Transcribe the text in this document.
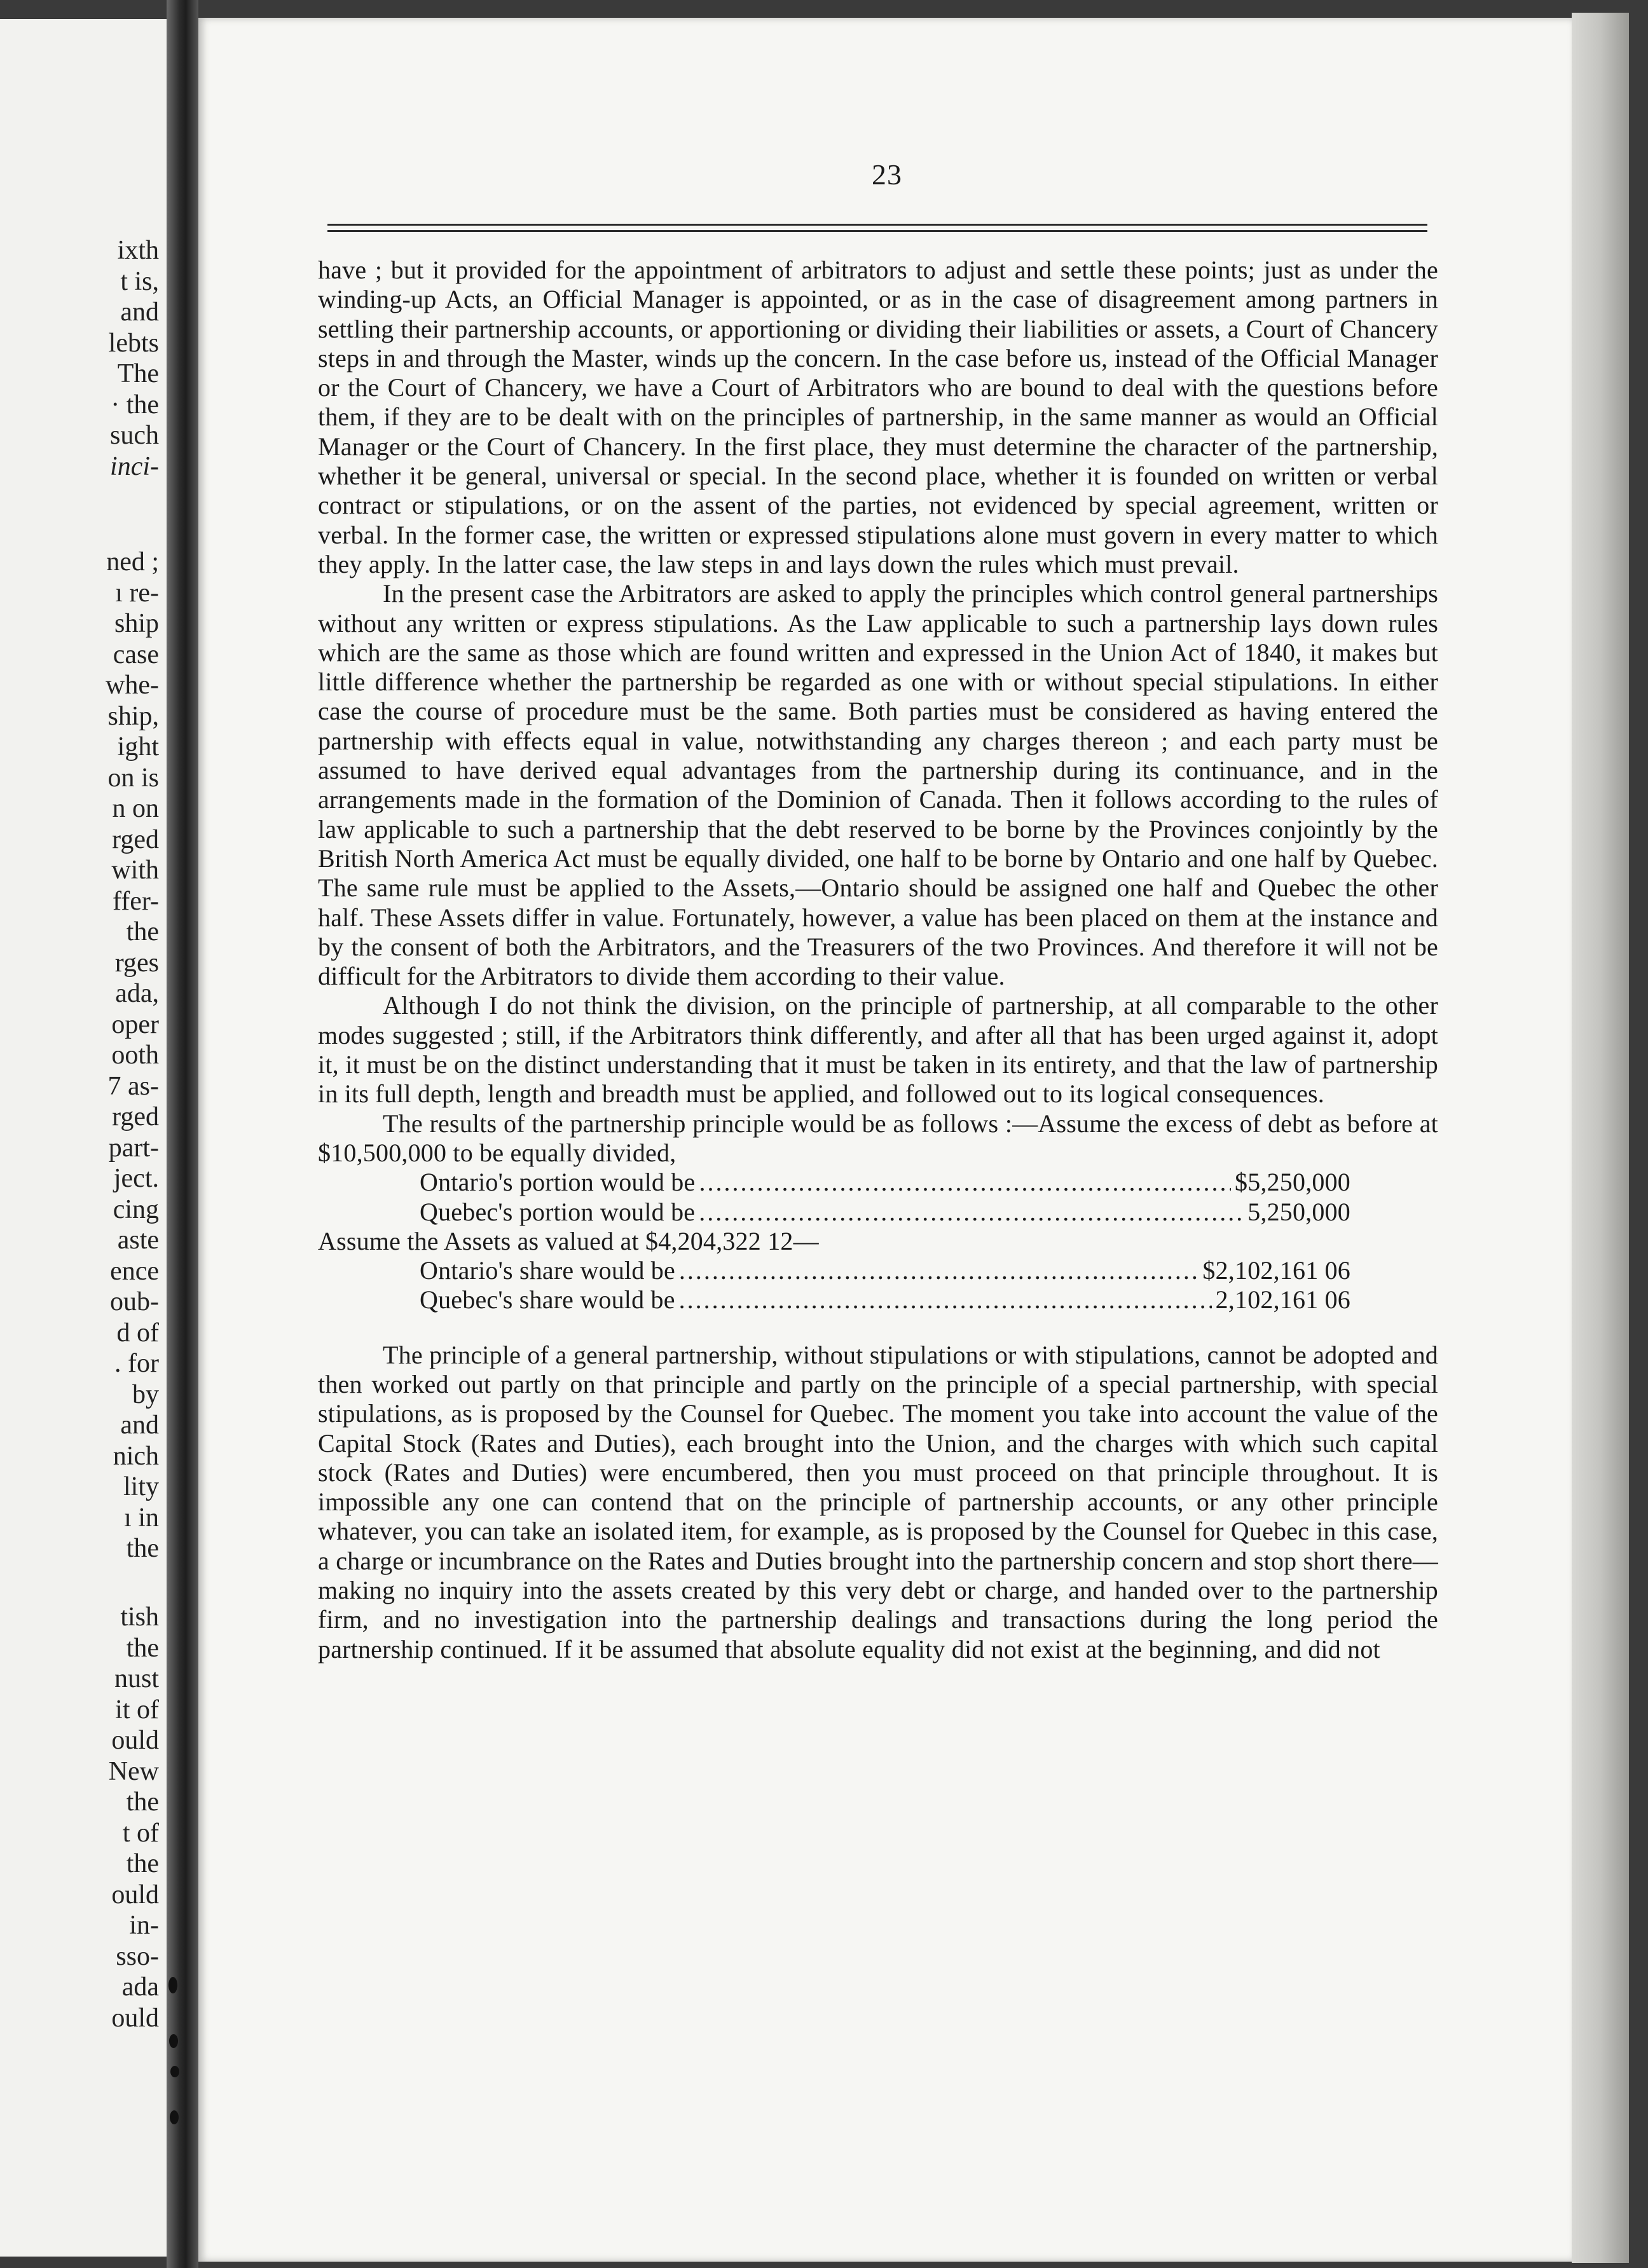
ixth
t is,
and
lebts
The
· the
such
inci-
ned ;
ı re-
ship
case
whe-
ship,
ight
on is
n on
rged
with
ffer-
the
rges
ada,
oper
ooth
7 as-
rged
part-
ject.
cing
aste
ence
oub-
d of
. for
by
and
nich
lity
ı in
the
tish
the
nust
it of
ould
New
the
t of
the
ould
in-
sso-
ada
ould
23

have ; but it provided for the appointment of arbitrators to adjust and settle these points; just as under the winding-up Acts, an Official Manager is appointed, or as in the case of disagreement among partners in settling their partnership accounts, or apportioning or dividing their liabilities or assets, a Court of Chancery steps in and through the Master, winds up the concern. In the case before us, instead of the Official Manager or the Court of Chancery, we have a Court of Arbitrators who are bound to deal with the questions before them, if they are to be dealt with on the principles of partnership, in the same manner as would an Official Manager or the Court of Chancery. In the first place, they must determine the character of the partnership, whether it be general, universal or special. In the second place, whether it is founded on written or verbal contract or stipulations, or on the assent of the parties, not evidenced by special agreement, written or verbal. In the former case, the written or expressed stipulations alone must govern in every matter to which they apply. In the latter case, the law steps in and lays down the rules which must prevail.

In the present case the Arbitrators are asked to apply the principles which control general partnerships without any written or express stipulations. As the Law applicable to such a partnership lays down rules which are the same as those which are found written and expressed in the Union Act of 1840, it makes but little difference whether the partnership be regarded as one with or without special stipulations. In either case the course of procedure must be the same. Both parties must be considered as having entered the partnership with effects equal in value, notwithstanding any charges thereon ; and each party must be assumed to have derived equal advantages from the partnership during its continuance, and in the arrangements made in the formation of the Dominion of Canada. Then it follows according to the rules of law applicable to such a partnership that the debt reserved to be borne by the Provinces conjointly by the British North America Act must be equally divided, one half to be borne by Ontario and one half by Quebec. The same rule must be applied to the Assets,—Ontario should be assigned one half and Quebec the other half. These Assets differ in value. Fortunately, however, a value has been placed on them at the instance and by the consent of both the Arbitrators, and the Treasurers of the two Provinces. And therefore it will not be difficult for the Arbitrators to divide them according to their value.

Although I do not think the division, on the principle of partnership, at all comparable to the other modes suggested ; still, if the Arbitrators think differently, and after all that has been urged against it, adopt it, it must be on the distinct understanding that it must be taken in its entirety, and that the law of partnership in its full depth, length and breadth must be applied, and followed out to its logical consequences.

The results of the partnership principle would be as follows :—Assume the excess of debt as before at $10,500,000 to be equally divided,

Ontario's portion would be .....	$5,250,000
Quebec's portion would be .....	5,250,000

Assume the Assets as valued at $4,204,322 12—

Ontario's share would be .....	$2,102,161 06
Quebec's share would be .....	2,102,161 06

The principle of a general partnership, without stipulations or with stipulations, cannot be adopted and then worked out partly on that principle and partly on the principle of a special partnership, with special stipulations, as is proposed by the Counsel for Quebec. The moment you take into account the value of the Capital Stock (Rates and Duties), each brought into the Union, and the charges with which such capital stock (Rates and Duties) were encumbered, then you must proceed on that principle throughout. It is impossible any one can contend that on the principle of partnership accounts, or any other principle whatever, you can take an isolated item, for example, as is proposed by the Counsel for Quebec in this case, a charge or incumbrance on the Rates and Duties brought into the partnership concern and stop short there—making no inquiry into the assets created by this very debt or charge, and handed over to the partnership firm, and no investigation into the partnership dealings and transactions during the long period the partnership continued. If it be assumed that absolute equality did not exist at the beginning, and did not
